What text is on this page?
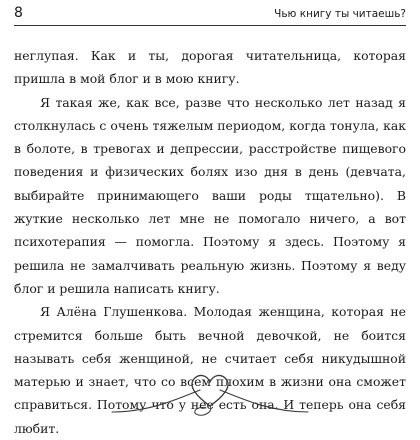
8	Чью книгу ты читаешь?

неглупая. Как и ты, дорогая читательница, которая пришла в мой блог и в мою книгу.

Я такая же, как все, разве что несколько лет назад я столкнулась с очень тяжелым периодом, когда тонула, как в болоте, в тревогах и депрессии, расстройстве пищевого поведения и физических болях изо дня в день (девчата, выбирайте принимающего ваши роды тщательно). В жуткие несколько лет мне не помогало ничего, а вот психотерапия — помогла. Поэтому я здесь. Поэтому я решила не замалчивать реальную жизнь. Поэтому я веду блог и решила написать книгу.

Я Алёна Глушенкова. Молодая женщина, которая не стремится больше быть вечной девочкой, не боится называть себя женщиной, не считает себя никудышной матерью и знает, что со всем плохим в жизни она сможет справиться. Потому что у нее есть она. И теперь она себя любит.
